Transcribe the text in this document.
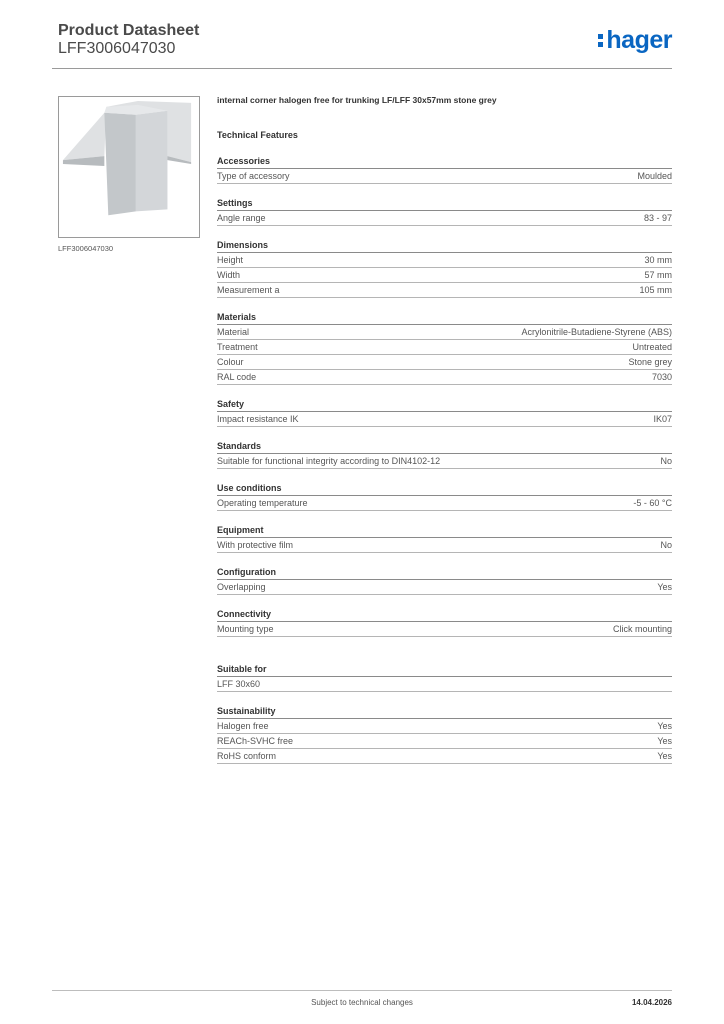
Product Datasheet
LFF3006047030	hager
LFF3006047030
internal corner halogen free for trunking LF/LFF 30x57mm stone grey
Technical Features
Accessories
Type of accessory	Moulded
Settings
Angle range	83 - 97
Dimensions
Height	30 mm
Width	57 mm
Measurement a	105 mm
Materials
Material	Acrylonitrile-Butadiene-Styrene (ABS)
Treatment	Untreated
Colour	Stone grey
RAL code	7030
Safety
Impact resistance IK	IK07
Standards
Suitable for functional integrity according to DIN4102-12	No
Use conditions
Operating temperature	-5 - 60 °C
Equipment
With protective film	No
Configuration
Overlapping	Yes
Connectivity
Mounting type	Click mounting
Suitable for
LFF 30x60
Sustainability
Halogen free	Yes
REACh-SVHC free	Yes
RoHS conform	Yes
Subject to technical changes	14.04.2026
